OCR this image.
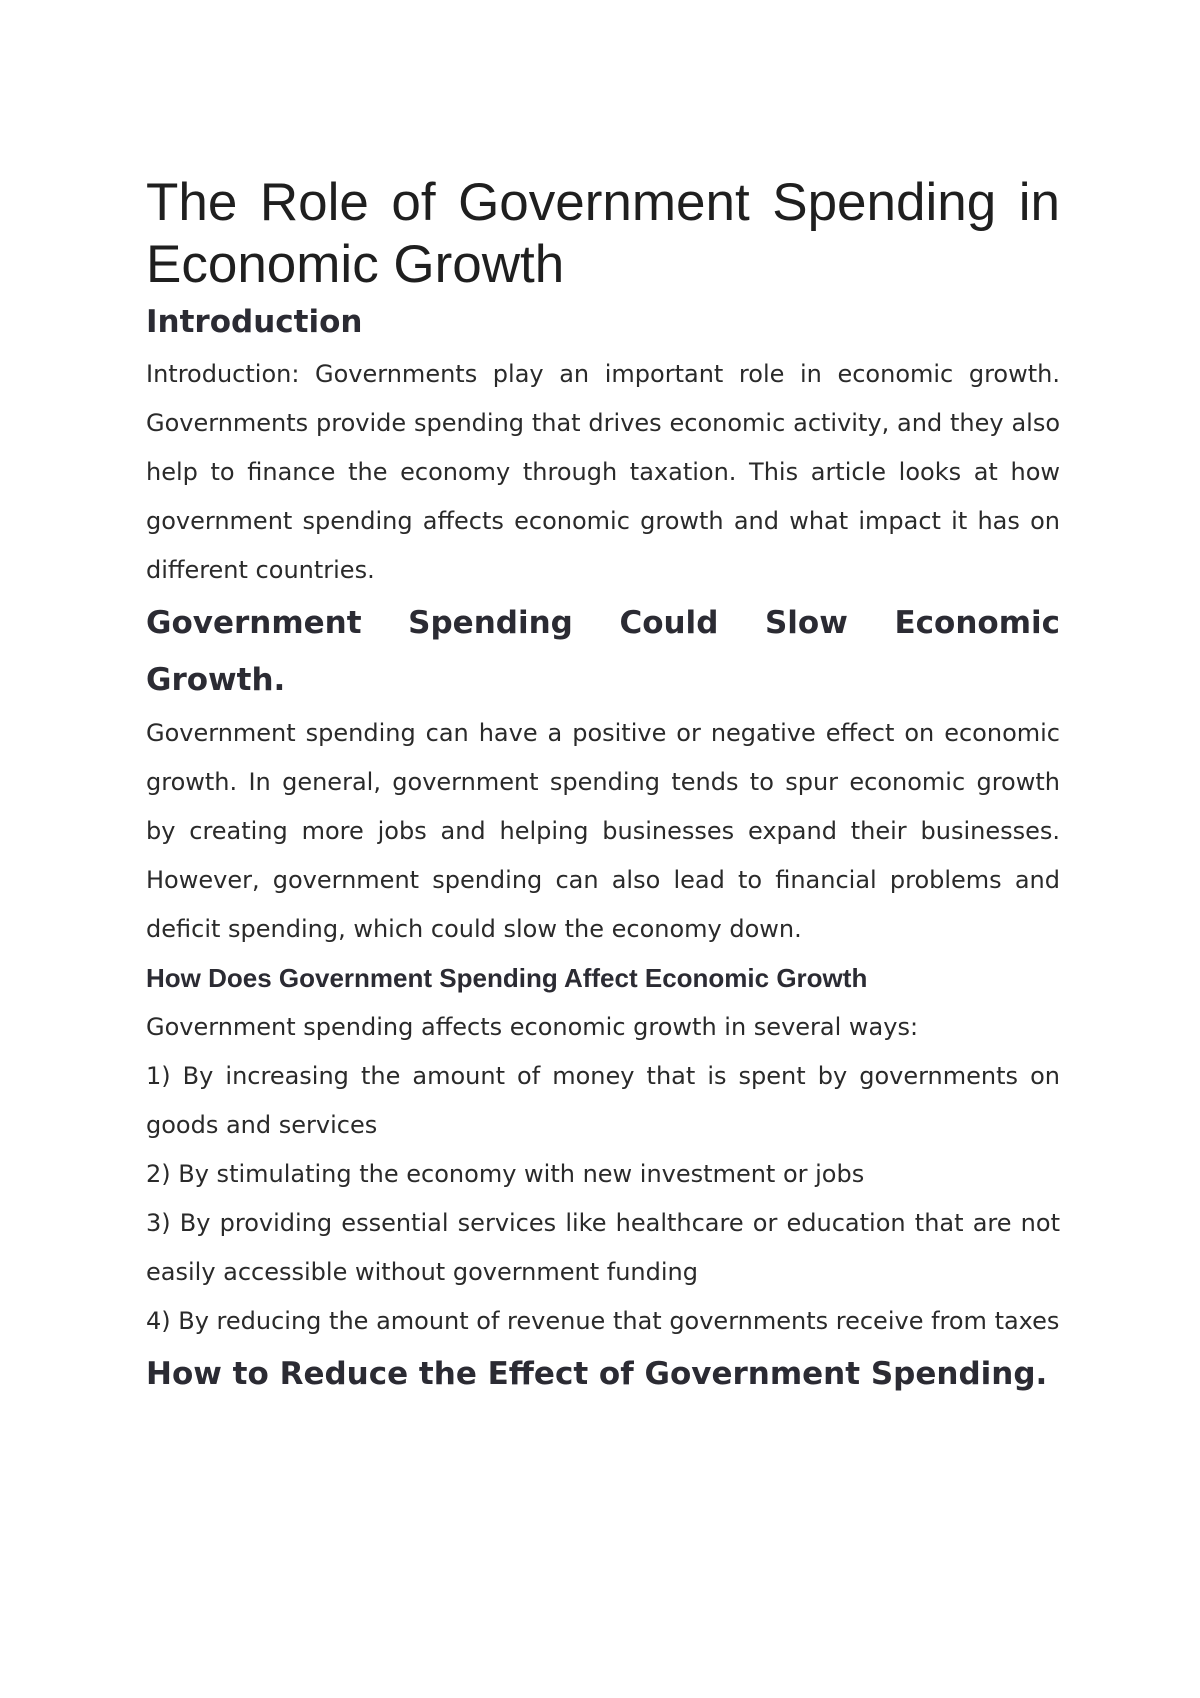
The Role of Government Spending in Economic Growth
Introduction

Introduction: Governments play an important role in economic growth. Governments provide spending that drives economic activity, and they also help to finance the economy through taxation. This article looks at how government spending affects economic growth and what impact it has on different countries.

Government Spending Could Slow Economic Growth.

Government spending can have a positive or negative effect on economic growth. In general, government spending tends to spur economic growth by creating more jobs and helping businesses expand their businesses. However, government spending can also lead to financial problems and deficit spending, which could slow the economy down.

How Does Government Spending Affect Economic Growth

Government spending affects economic growth in several ways:

1) By increasing the amount of money that is spent by governments on goods and services

2) By stimulating the economy with new investment or jobs

3) By providing essential services like healthcare or education that are not easily accessible without government funding

4) By reducing the amount of revenue that governments receive from taxes

How to Reduce the Effect of Government Spending.
